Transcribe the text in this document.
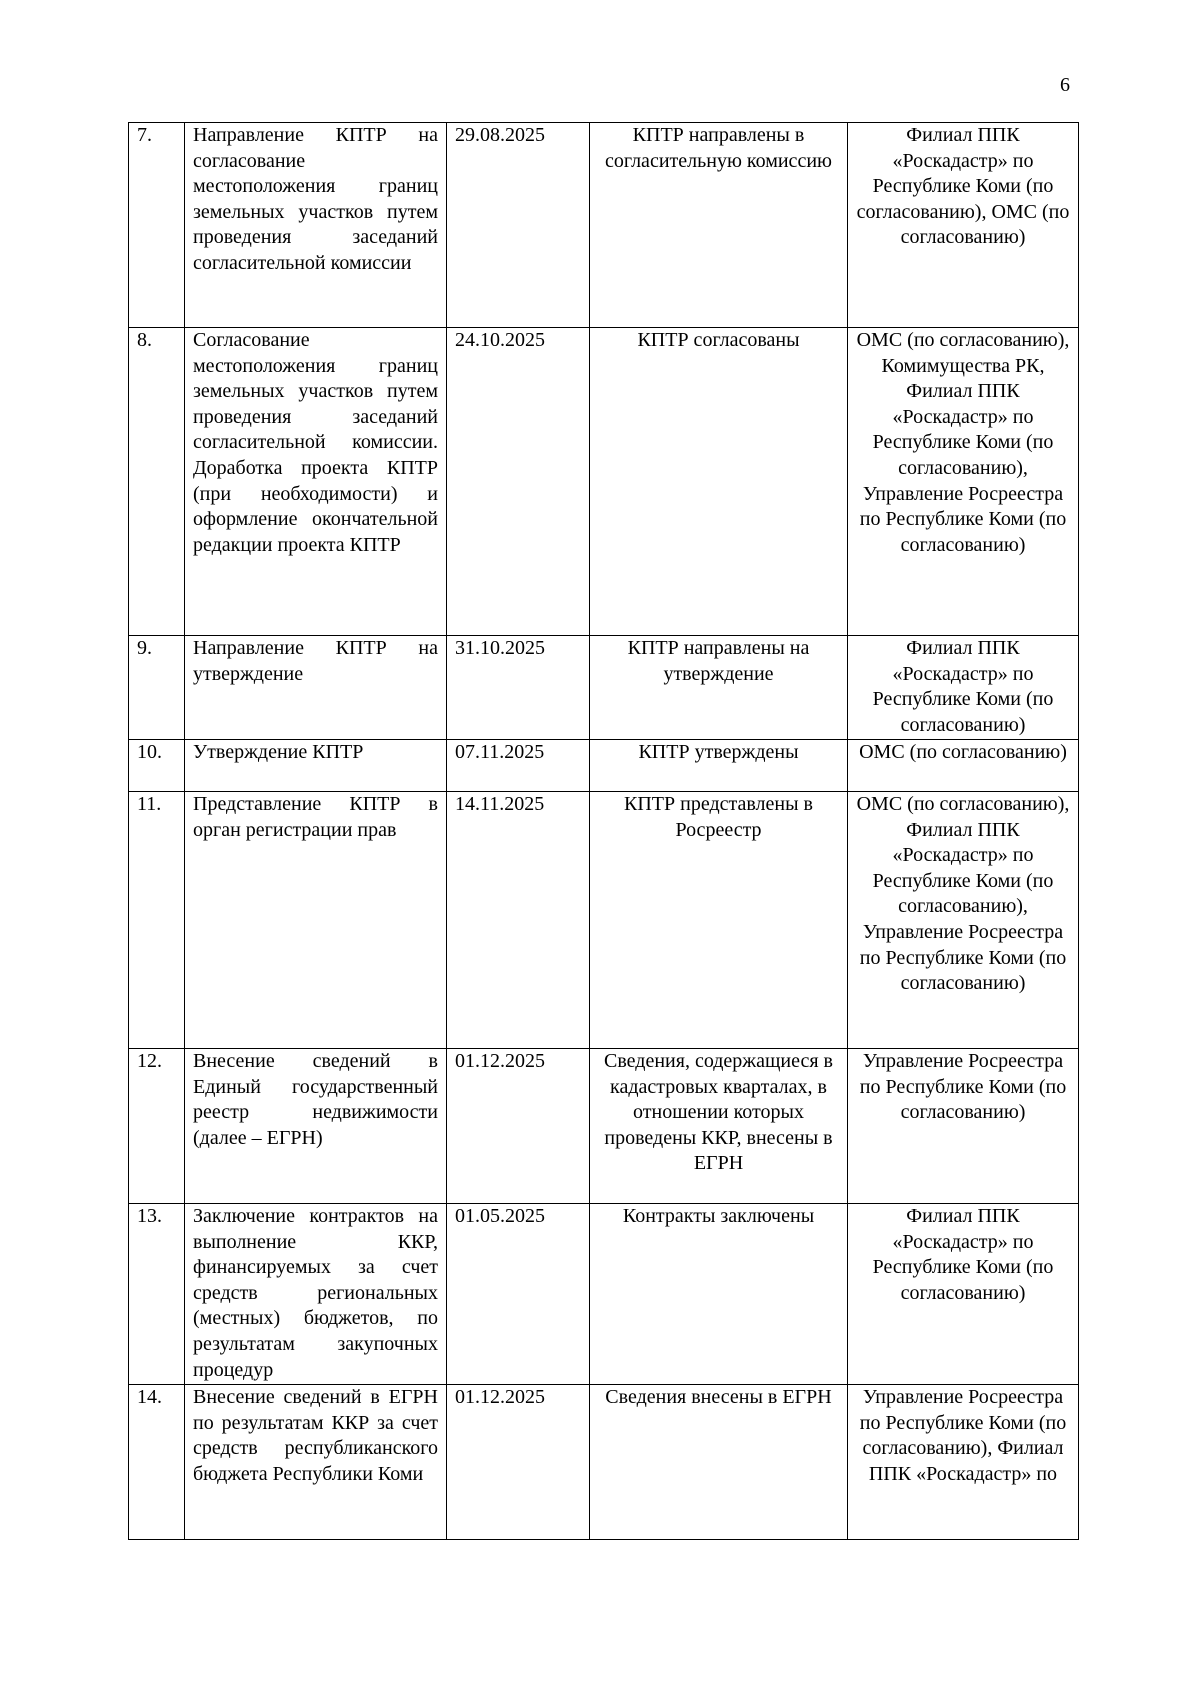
6
7.	Направление КПТР на согласование местоположения границ земельных участков путем проведения заседаний согласительной комиссии	29.08.2025	КПТР направлены в согласительную комиссию	Филиал ППК «Роскадастр» по Республике Коми (по согласованию), ОМС (по согласованию)
8.	Согласование местоположения границ земельных участков путем проведения заседаний согласительной комиссии. Доработка проекта КПТР (при необходимости) и оформление окончательной редакции проекта КПТР	24.10.2025	КПТР согласованы	ОМС (по согласованию), Комимущества РК, Филиал ППК «Роскадастр» по Республике Коми (по согласованию), Управление Росреестра по Республике Коми (по согласованию)
9.	Направление КПТР на утверждение	31.10.2025	КПТР направлены на утверждение	Филиал ППК «Роскадастр» по Республике Коми (по согласованию)
10.	Утверждение КПТР	07.11.2025	КПТР утверждены	ОМС (по согласованию)
11.	Представление КПТР в орган регистрации прав	14.11.2025	КПТР представлены в Росреестр	ОМС (по согласованию), Филиал ППК «Роскадастр» по Республике Коми (по согласованию), Управление Росреестра по Республике Коми (по согласованию)
12.	Внесение сведений в Единый государственный реестр недвижимости (далее – ЕГРН)	01.12.2025	Сведения, содержащиеся в кадастровых кварталах, в отношении которых проведены ККР, внесены в ЕГРН	Управление Росреестра по Республике Коми (по согласованию)
13.	Заключение контрактов на выполнение ККР, финансируемых за счет средств региональных (местных) бюджетов, по результатам закупочных процедур	01.05.2025	Контракты заключены	Филиал ППК «Роскадастр» по Республике Коми (по согласованию)
14.	Внесение сведений в ЕГРН по результатам ККР за счет средств республиканского бюджета Республики Коми	01.12.2025	Сведения внесены в ЕГРН	Управление Росреестра по Республике Коми (по согласованию), Филиал ППК «Роскадастр» по
